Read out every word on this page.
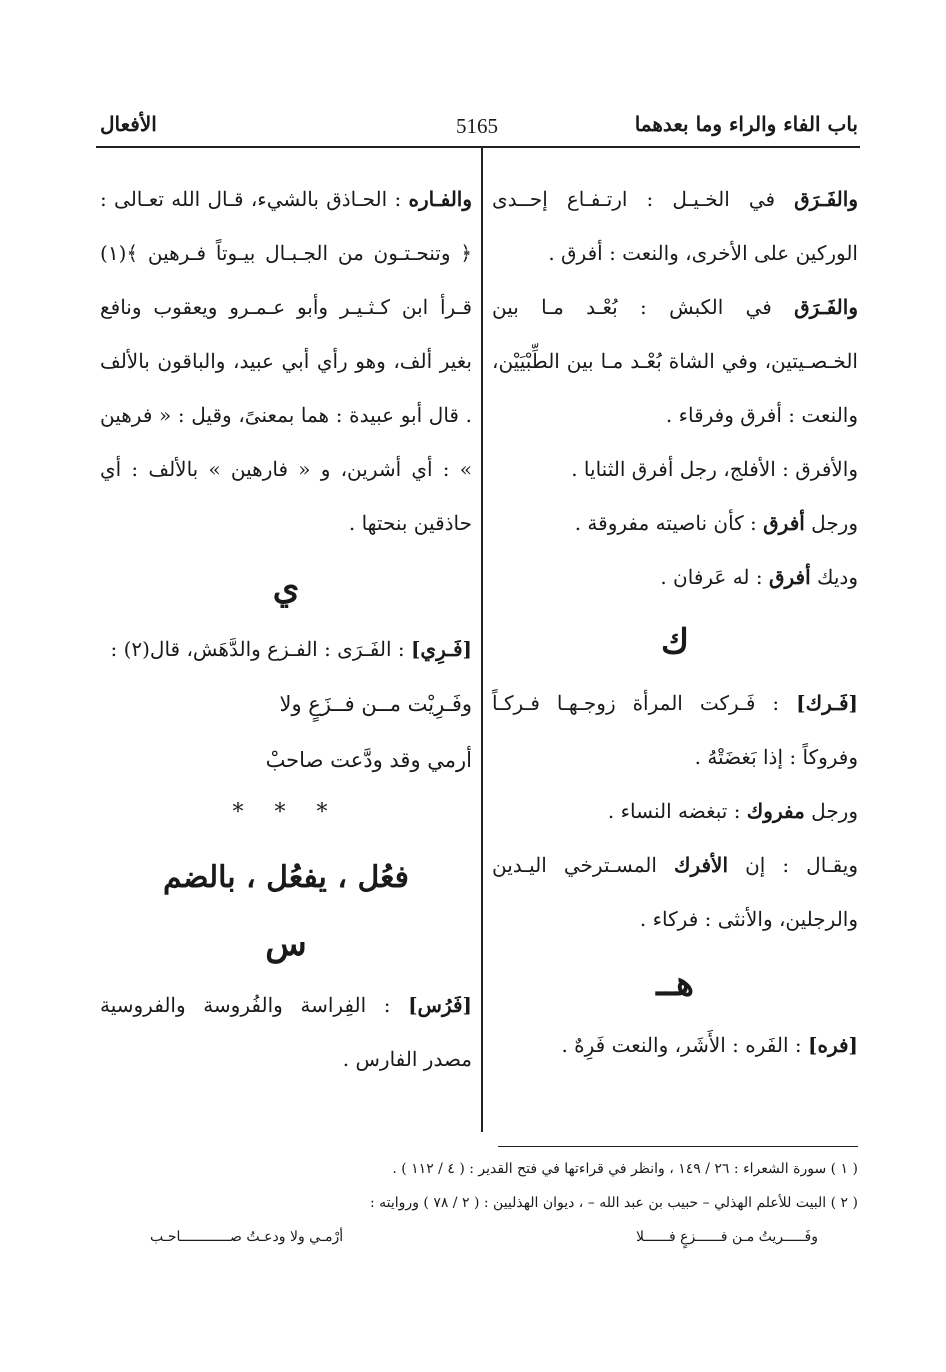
باب الفاء والراء وما بعدهما
5165
الأفعال

والفَـرَق في الخـيـل : ارتـفـاع إحــدى الوركين على الأخرى، والنعت : أفرق .

والفَـرَق في الكبش : بُعْـد مـا بين الخـصـيتين، وفي الشاة بُعْـد مـا بين الطِّبْيَيْن، والنعت : أفرق وفرقاء .

والأفرق : الأفلج، رجل أفرق الثنايا .

ورجل أفرق : كأن ناصيته مفروقة .

وديك أفرق : له عَرفان .

ك

[فَـرك] : فَـركت المرأة زوجـهـا فـركـاً وفروكاً : إذا بَغضَتْهُ .

ورجل مفروك : تبغضه النساء .

ويقـال : إن الأفرك المسـترخي اليـدين والرجلين، والأنثى : فركاء .

هــ

[فره] : الفَره : الأَشَر، والنعت فَرِهٌ .

والفـاره : الحـاذق بالشيء، قـال الله تعـالى : ﴿ وتنحـتـون من الجـبـال بيـوتاً فـرهين ﴾(١) قـرأ ابن كـثـيـر وأبو عـمـرو ويعقوب ونافع بغير ألف، وهو رأي أبي عبيد، والباقون بالألف . قال أبو عبيدة : هما بمعنىً، وقيل : « فرهين » : أي أشرين، و « فارهين » بالألف : أي حاذقين بنحتها .

ي

[فَـرِي] : الفَـرَى : الفـزع والدَّهَش، قال(٢) :

وفَـرِيْت مــن فــزَعٍ ولا
أرمي وقد ودَّعت صاحبْ
* * *
فعُل ، يفعُل ، بالضم
س

[فَرُس] : الفِراسة والفُروسة والفروسية مصدر الفارس .

( ١ ) سورة الشعراء : ٢٦ / ١٤٩ ، وانظر في قراءتها في فتح القدير : ( ٤ / ١١٢ ) .

( ٢ ) البيت للأعلم الهذلي – حبيب بن عبد الله – ، ديوان الهذليين : ( ٢ / ٧٨ ) وروايته :

وفَـــــريتُ مـن فــــــزعٍ فــــــلا
أرْمـي ولا ودعـتُ صــــــــــــاحـب
